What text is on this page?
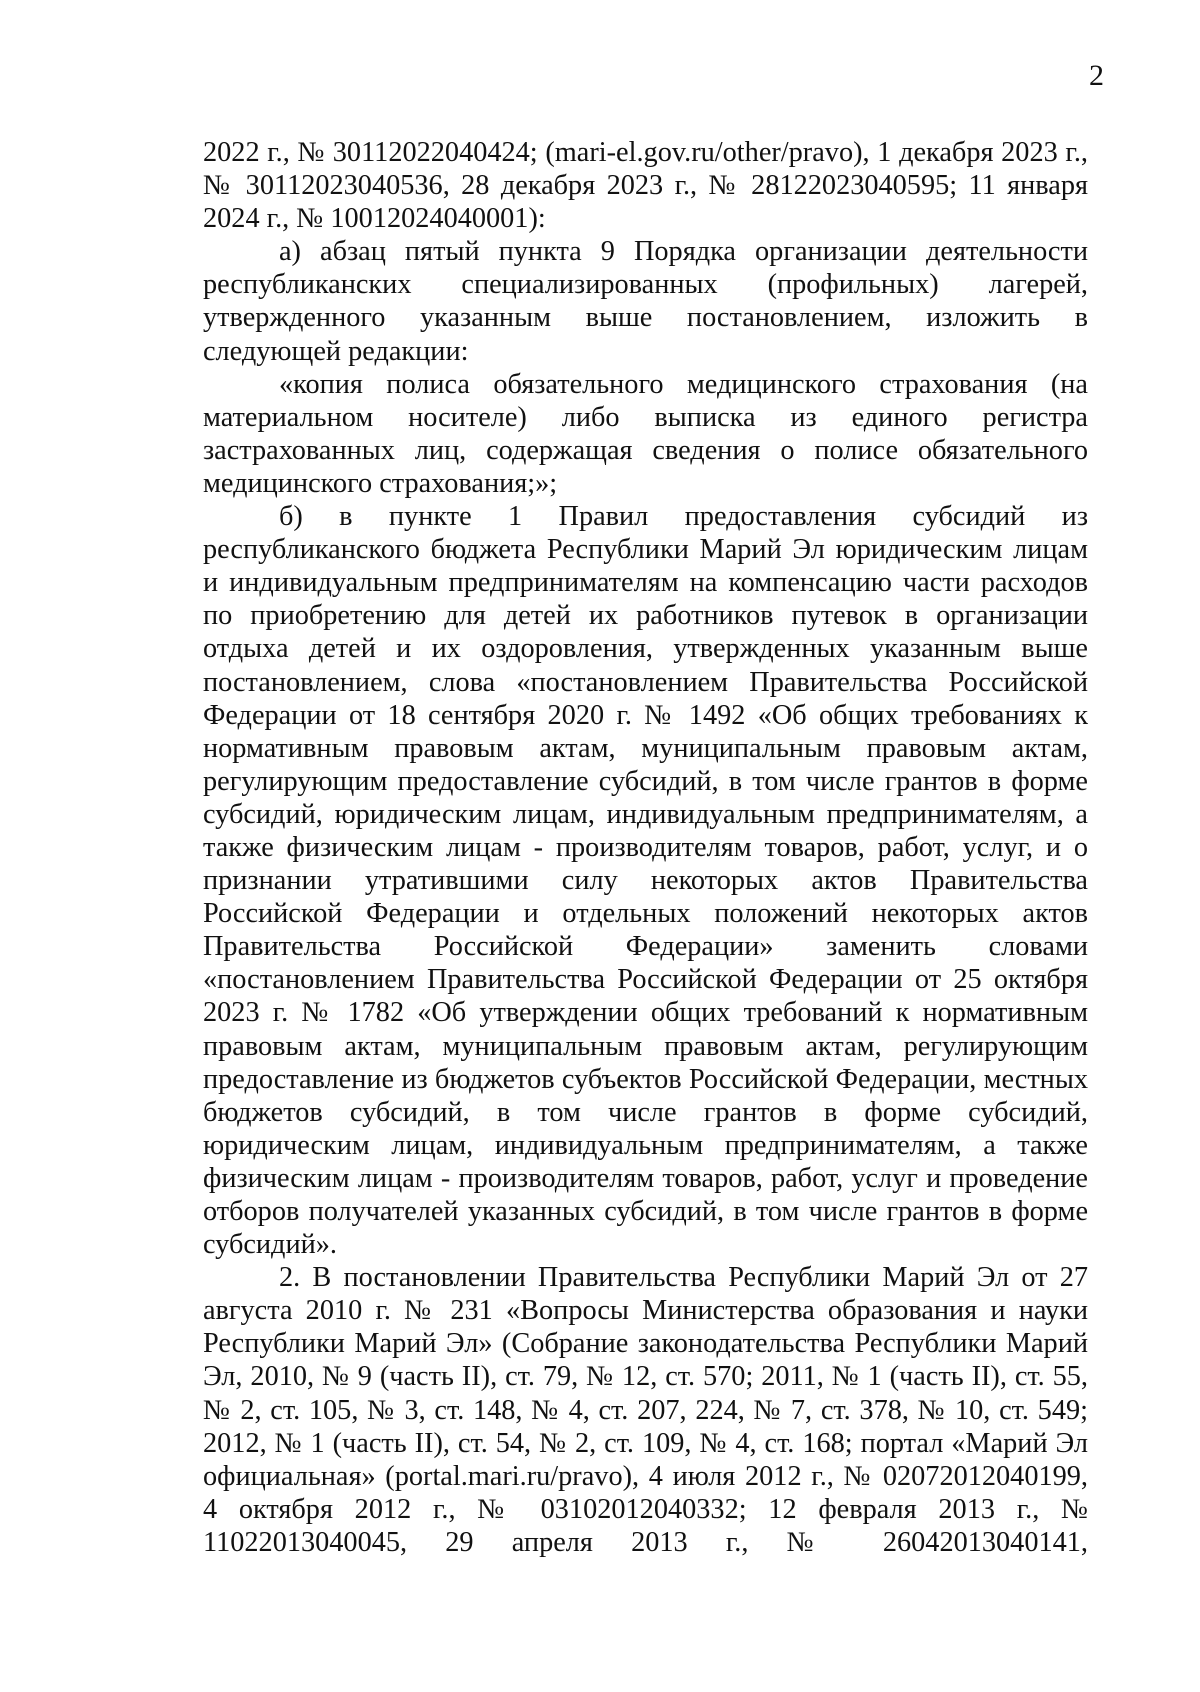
2

2022 г., № 30112022040424; (mari-el.gov.ru/other/pravo), 1 декабря 2023 г., № 30112023040536, 28 декабря 2023 г., № 28122023040595; 11 января 2024 г., № 10012024040001):

а) абзац пятый пункта 9 Порядка организации деятельности республиканских специализированных (профильных) лагерей, утвержденного указанным выше постановлением, изложить в следующей редакции:

«копия полиса обязательного медицинского страхования (на материальном носителе) либо выписка из единого регистра застрахованных лиц, содержащая сведения о полисе обязательного медицинского страхования;»;

б) в пункте 1 Правил предоставления субсидий из республиканского бюджета Республики Марий Эл юридическим лицам и индивидуальным предпринимателям на компенсацию части расходов по приобретению для детей их работников путевок в организации отдыха детей и их оздоровления, утвержденных указанным выше постановлением, слова «постановлением Правительства Российской Федерации от 18 сентября 2020 г. № 1492 «Об общих требованиях к нормативным правовым актам, муниципальным правовым актам, регулирующим предоставление субсидий, в том числе грантов в форме субсидий, юридическим лицам, индивидуальным предпринимателям, а также физическим лицам - производителям товаров, работ, услуг, и о признании утратившими силу некоторых актов Правительства Российской Федерации и отдельных положений некоторых актов Правительства Российской Федерации» заменить словами «постановлением Правительства Российской Федерации от 25 октября 2023 г. № 1782 «Об утверждении общих требований к нормативным правовым актам, муниципальным правовым актам, регулирующим предоставление из бюджетов субъектов Российской Федерации, местных бюджетов субсидий, в том числе грантов в форме субсидий, юридическим лицам, индивидуальным предпринимателям, а также физическим лицам - производителям товаров, работ, услуг и проведение отборов получателей указанных субсидий, в том числе грантов в форме субсидий».

2. В постановлении Правительства Республики Марий Эл от 27 августа 2010 г. № 231 «Вопросы Министерства образования и науки Республики Марий Эл» (Собрание законодательства Республики Марий Эл, 2010, № 9 (часть II), ст. 79, № 12, ст. 570; 2011, № 1 (часть II), ст. 55, № 2, ст. 105, № 3, ст. 148, № 4, ст. 207, 224, № 7, ст. 378, № 10, ст. 549; 2012, № 1 (часть II), ст. 54, № 2, ст. 109, № 4, ст. 168; портал «Марий Эл официальная» (portal.mari.ru/pravo), 4 июля 2012 г., № 02072012040199, 4 октября 2012 г., № 03102012040332; 12 февраля 2013 г., № 11022013040045, 29 апреля 2013 г., № 26042013040141,
